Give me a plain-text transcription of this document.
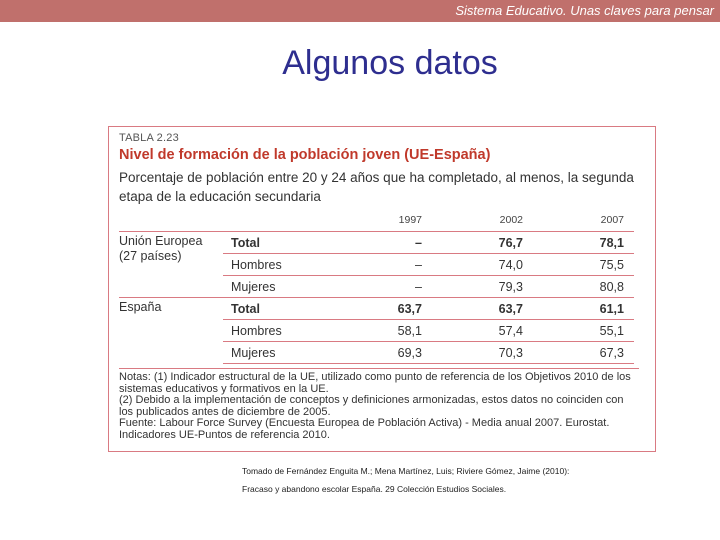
Sistema Educativo. Unas claves para pensar
Algunos datos
TABLA 2.23
Nivel de formación de la población joven (UE-España)
Porcentaje de población entre 20 y 24 años que ha completado, al menos, la segunda etapa de la educación secundaria
		1997	2002	2007
Unión Europea (27 países)	Total	–	76,7	78,1
	Hombres	–	74,0	75,5
	Mujeres	–	79,3	80,8
España	Total	63,7	63,7	61,1
	Hombres	58,1	57,4	55,1
	Mujeres	69,3	70,3	67,3
Notas: (1) Indicador estructural de la UE, utilizado como punto de referencia de los Objetivos 2010 de los sistemas educativos y formativos en la UE.
(2) Debido a la implementación de conceptos y definiciones armonizadas, estos datos no coinciden con los publicados antes de diciembre de 2005.
Fuente: Labour Force Survey (Encuesta Europea de Población Activa) - Media anual 2007. Eurostat. Indicadores UE-Puntos de referencia 2010.
Tomado de Fernández Enguita M.; Mena Martínez, Luis; Riviere Gómez, Jaime (2010):
Fracaso y abandono escolar España. 29 Colección Estudios Sociales.
